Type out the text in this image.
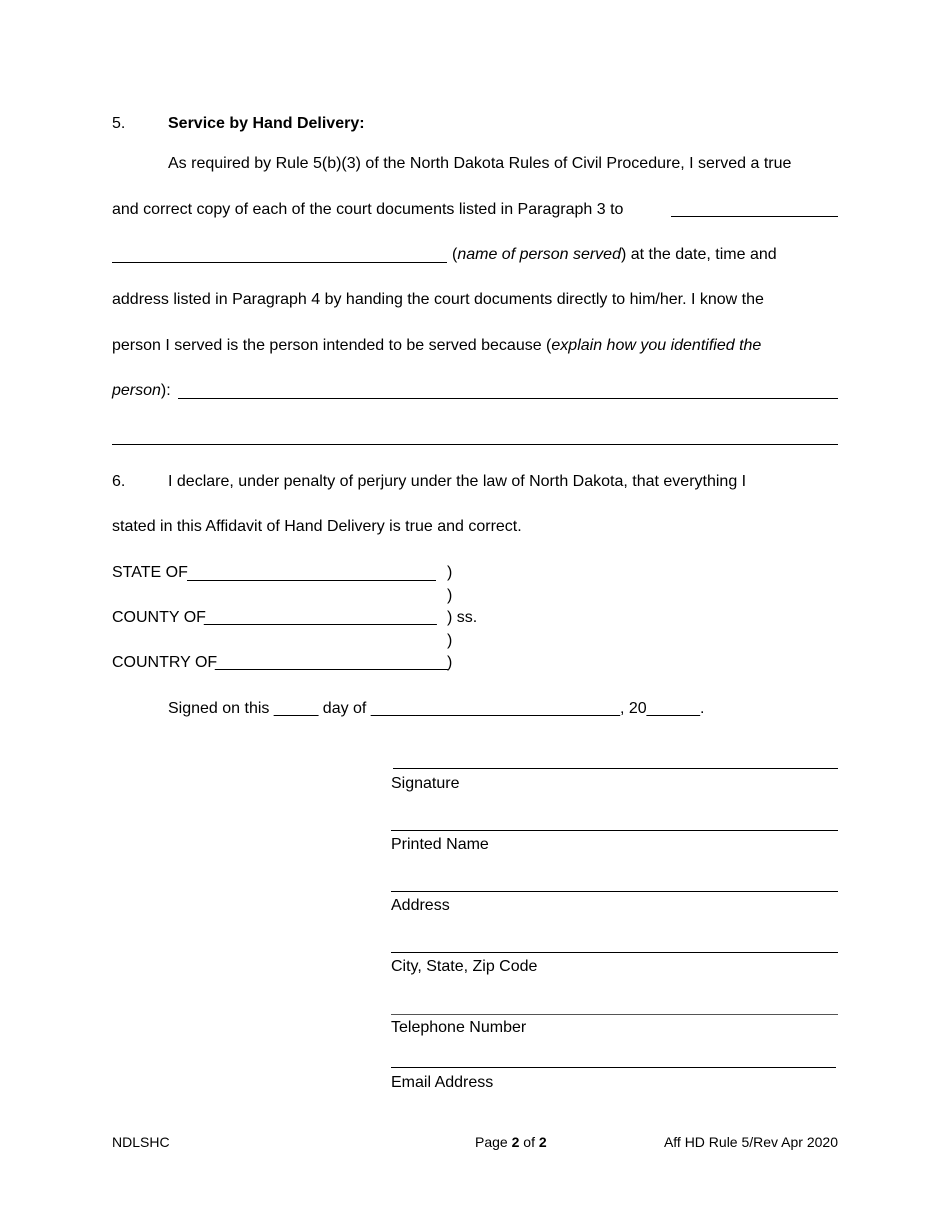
5.	Service by Hand Delivery:
As required by Rule 5(b)(3) of the North Dakota Rules of Civil Procedure, I served a true
and correct copy of each of the court documents listed in Paragraph 3 to
(name of person served) at the date, time and
address listed in Paragraph 4 by handing the court documents directly to him/her. I know the
person I served is the person intended to be served because (explain how you identified the
person):
6.	I declare, under penalty of perjury under the law of North Dakota, that everything I
stated in this Affidavit of Hand Delivery is true and correct.
STATE OF	)
)
COUNTY OF
___________________________ ) ss.
)
COUNTRY OF
___________________________ )
Signed on this _____ day of ____________________________, 20______.
Signature
Printed Name
Address
City, State, Zip Code
Telephone Number
Email Address
NDLSHC	Page 2 of 2	Aff HD Rule 5/Rev Apr 2020
